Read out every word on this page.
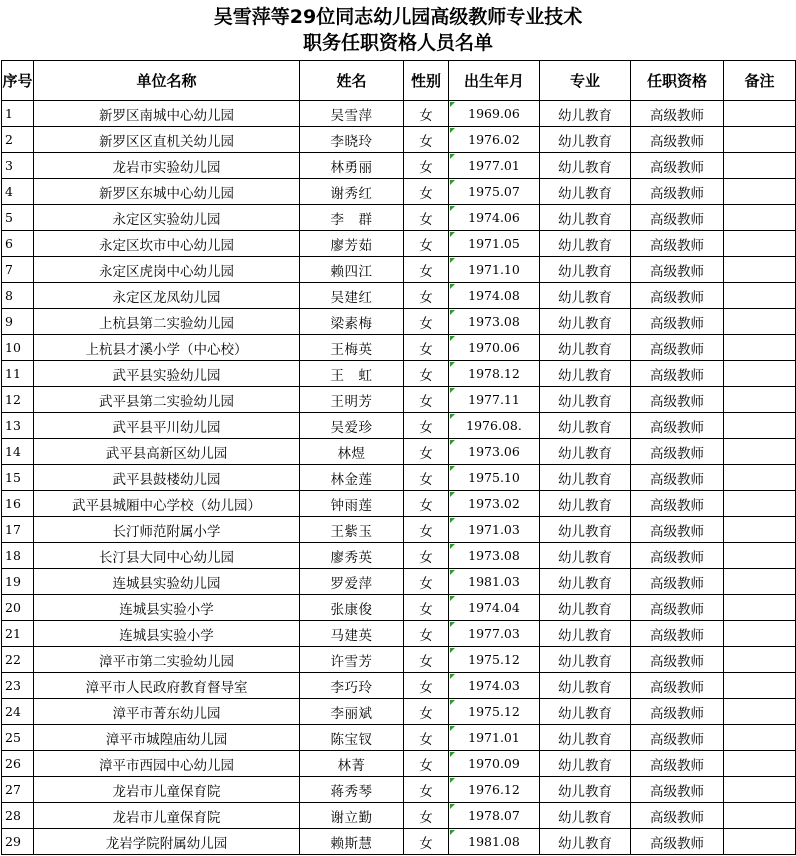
吴雪萍等29位同志幼儿园高级教师专业技术
职务任职资格人员名单
序号	单位名称	姓名	性别	出生年月	专业	任职资格	备注
1	新罗区南城中心幼儿园	吴雪萍	女	1969.06	幼儿教育	高级教师	
2	新罗区区直机关幼儿园	李晓玲	女	1976.02	幼儿教育	高级教师	
3	龙岩市实验幼儿园	林勇丽	女	1977.01	幼儿教育	高级教师	
4	新罗区东城中心幼儿园	谢秀红	女	1975.07	幼儿教育	高级教师	
5	永定区实验幼儿园	李　群	女	1974.06	幼儿教育	高级教师	
6	永定区坎市中心幼儿园	廖芳茹	女	1971.05	幼儿教育	高级教师	
7	永定区虎岗中心幼儿园	赖四江	女	1971.10	幼儿教育	高级教师	
8	永定区龙凤幼儿园	吴建红	女	1974.08	幼儿教育	高级教师	
9	上杭县第二实验幼儿园	梁素梅	女	1973.08	幼儿教育	高级教师	
10	上杭县才溪小学（中心校）	王梅英	女	1970.06	幼儿教育	高级教师	
11	武平县实验幼儿园	王　虹	女	1978.12	幼儿教育	高级教师	
12	武平县第二实验幼儿园	王明芳	女	1977.11	幼儿教育	高级教师	
13	武平县平川幼儿园	吴爱珍	女	1976.08.	幼儿教育	高级教师	
14	武平县高新区幼儿园	林煜	女	1973.06	幼儿教育	高级教师	
15	武平县鼓楼幼儿园	林金莲	女	1975.10	幼儿教育	高级教师	
16	武平县城厢中心学校（幼儿园）	钟雨莲	女	1973.02	幼儿教育	高级教师	
17	长汀师范附属小学	王紫玉	女	1971.03	幼儿教育	高级教师	
18	长汀县大同中心幼儿园	廖秀英	女	1973.08	幼儿教育	高级教师	
19	连城县实验幼儿园	罗爱萍	女	1981.03	幼儿教育	高级教师	
20	连城县实验小学	张康俊	女	1974.04	幼儿教育	高级教师	
21	连城县实验小学	马建英	女	1977.03	幼儿教育	高级教师	
22	漳平市第二实验幼儿园	许雪芳	女	1975.12	幼儿教育	高级教师	
23	漳平市人民政府教育督导室	李巧玲	女	1974.03	幼儿教育	高级教师	
24	漳平市菁东幼儿园	李丽斌	女	1975.12	幼儿教育	高级教师	
25	漳平市城隍庙幼儿园	陈宝钗	女	1971.01	幼儿教育	高级教师	
26	漳平市西园中心幼儿园	林菁	女	1970.09	幼儿教育	高级教师	
27	龙岩市儿童保育院	蒋秀琴	女	1976.12	幼儿教育	高级教师	
28	龙岩市儿童保育院	谢立勤	女	1978.07	幼儿教育	高级教师	
29	龙岩学院附属幼儿园	赖斯慧	女	1981.08	幼儿教育	高级教师	
